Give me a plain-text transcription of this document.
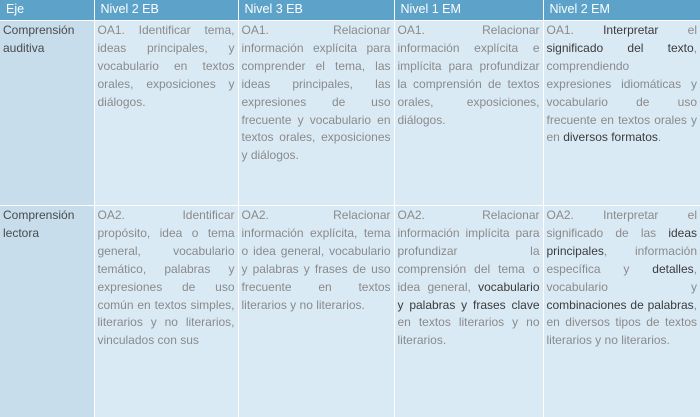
Eje	Nivel 2 EB	Nivel 3 EB	Nivel 1 EM	Nivel 2 EM
Comprensión auditiva	OA1. Identificar tema, ideas principales, y vocabulario en textos orales, exposiciones y diálogos.	OA1. Relacionar información explícita para comprender el tema, las ideas principales, las expresiones de uso frecuente y vocabulario en textos orales, exposiciones y diálogos.	OA1. Relacionar información explícita e implícita para profundizar la comprensión de textos orales, exposiciones, diálogos.	OA1. Interpretar el significado del texto, comprendiendo expresiones idiomáticas y vocabulario de uso frecuente en textos orales y en diversos formatos.
Comprensión lectora	OA2. Identificar propósito, idea o tema general, vocabulario temático, palabras y expresiones de uso común en textos simples, literarios y no literarios, vinculados con sus	OA2. Relacionar información explícita, tema o idea general, vocabulario y palabras y frases de uso frecuente en textos literarios y no literarios.	OA2. Relacionar información implícita para profundizar la comprensión del tema o idea general, vocabulario y palabras y frases clave en textos literarios y no literarios.	OA2. Interpretar el significado de las ideas principales, información específica y detalles, vocabulario y combinaciones de palabras, en diversos tipos de textos literarios y no literarios.
